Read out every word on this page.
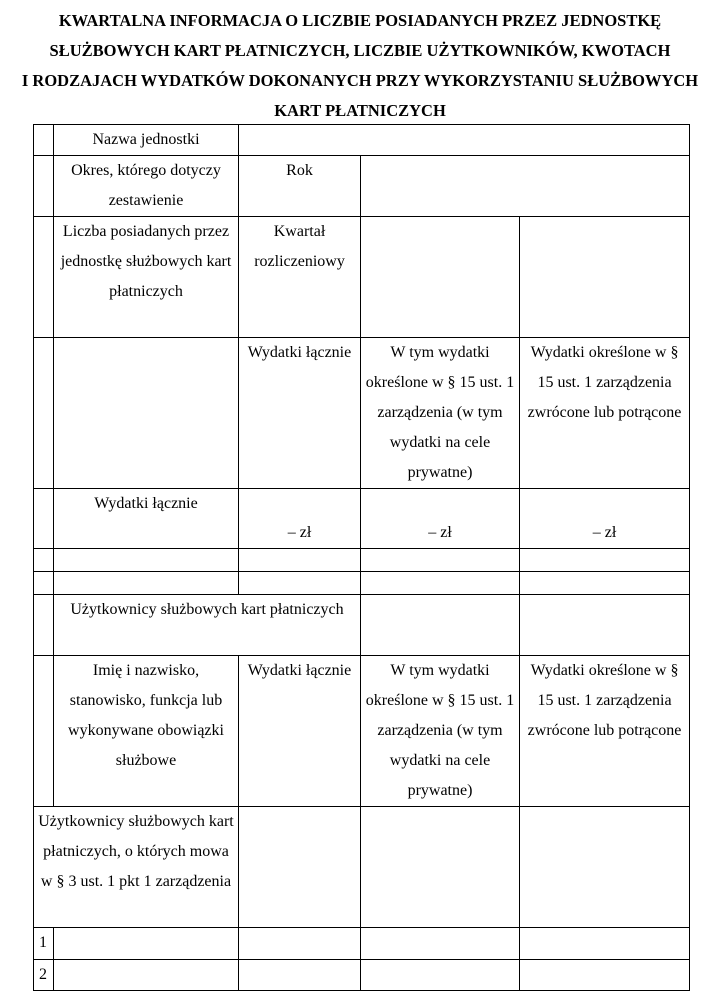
KWARTALNA INFORMACJA O LICZBIE POSIADANYCH PRZEZ JEDNOSTKĘ
SŁUŻBOWYCH KART PŁATNICZYCH, LICZBIE UŻYTKOWNIKÓW, KWOTACH
I RODZAJACH WYDATKÓW DOKONANYCH PRZY WYKORZYSTANIU SŁUŻBOWYCH
KART PŁATNICZYCH
	Nazwa jednostki			
	Okres, którego dotyczy zestawienie	Rok		
	Liczba posiadanych przez jednostkę służbowych kart płatniczych	Kwartał rozliczeniowy		
		Wydatki łącznie	W tym wydatki określone w § 15 ust. 1 zarządzenia (w tym wydatki na cele prywatne)	Wydatki określone w § 15 ust. 1 zarządzenia zwrócone lub potrącone
	Wydatki łącznie	– zł	– zł	– zł

	Użytkownicy służbowych kart płatniczych			
	Imię i nazwisko, stanowisko, funkcja lub wykonywane obowiązki służbowe	Wydatki łącznie	W tym wydatki określone w § 15 ust. 1 zarządzenia (w tym wydatki na cele prywatne)	Wydatki określone w § 15 ust. 1 zarządzenia zwrócone lub potrącone
Użytkownicy służbowych kart płatniczych, o których mowa w § 3 ust. 1 pkt 1 zarządzenia				
1				
2				
